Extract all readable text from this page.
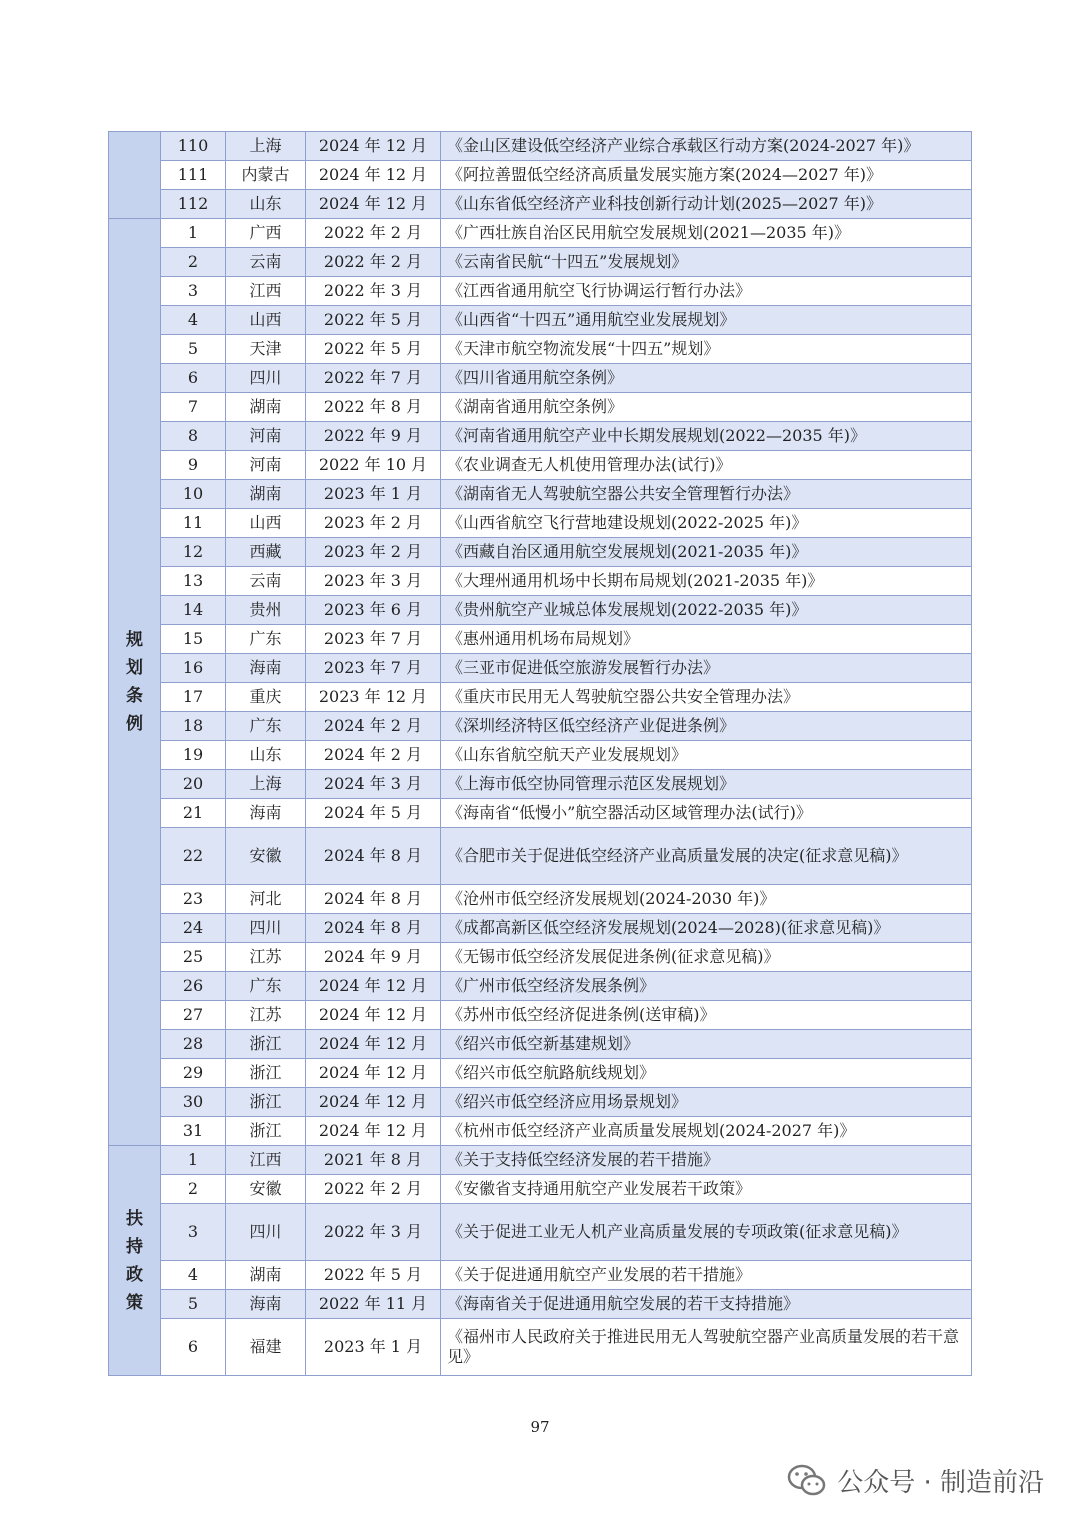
	110	上海	2024 年 12 月	《金山区建设低空经济产业综合承载区行动方案(2024-2027 年)》
	111	内蒙古	2024 年 12 月	《阿拉善盟低空经济高质量发展实施方案(2024—2027 年)》
	112	山东	2024 年 12 月	《山东省低空经济产业科技创新行动计划(2025—2027 年)》
规划条例	1	广西	2022 年 2 月	《广西壮族自治区民用航空发展规划(2021—2035 年)》
	2	云南	2022 年 2 月	《云南省民航“十四五”发展规划》
	3	江西	2022 年 3 月	《江西省通用航空飞行协调运行暂行办法》
	4	山西	2022 年 5 月	《山西省“十四五”通用航空业发展规划》
	5	天津	2022 年 5 月	《天津市航空物流发展“十四五”规划》
	6	四川	2022 年 7 月	《四川省通用航空条例》
	7	湖南	2022 年 8 月	《湖南省通用航空条例》
	8	河南	2022 年 9 月	《河南省通用航空产业中长期发展规划(2022—2035 年)》
	9	河南	2022 年 10 月	《农业调查无人机使用管理办法(试行)》
	10	湖南	2023 年 1 月	《湖南省无人驾驶航空器公共安全管理暂行办法》
	11	山西	2023 年 2 月	《山西省航空飞行营地建设规划(2022-2025 年)》
	12	西藏	2023 年 2 月	《西藏自治区通用航空发展规划(2021-2035 年)》
	13	云南	2023 年 3 月	《大理州通用机场中长期布局规划(2021-2035 年)》
	14	贵州	2023 年 6 月	《贵州航空产业城总体发展规划(2022-2035 年)》
	15	广东	2023 年 7 月	《惠州通用机场布局规划》
	16	海南	2023 年 7 月	《三亚市促进低空旅游发展暂行办法》
	17	重庆	2023 年 12 月	《重庆市民用无人驾驶航空器公共安全管理办法》
	18	广东	2024 年 2 月	《深圳经济特区低空经济产业促进条例》
	19	山东	2024 年 2 月	《山东省航空航天产业发展规划》
	20	上海	2024 年 3 月	《上海市低空协同管理示范区发展规划》
	21	海南	2024 年 5 月	《海南省“低慢小”航空器活动区域管理办法(试行)》
	22	安徽	2024 年 8 月	《合肥市关于促进低空经济产业高质量发展的决定(征求意见稿)》
	23	河北	2024 年 8 月	《沧州市低空经济发展规划(2024-2030 年)》
	24	四川	2024 年 8 月	《成都高新区低空经济发展规划(2024—2028)(征求意见稿)》
	25	江苏	2024 年 9 月	《无锡市低空经济发展促进条例(征求意见稿)》
	26	广东	2024 年 12 月	《广州市低空经济发展条例》
	27	江苏	2024 年 12 月	《苏州市低空经济促进条例(送审稿)》
	28	浙江	2024 年 12 月	《绍兴市低空新基建规划》
	29	浙江	2024 年 12 月	《绍兴市低空航路航线规划》
	30	浙江	2024 年 12 月	《绍兴市低空经济应用场景规划》
	31	浙江	2024 年 12 月	《杭州市低空经济产业高质量发展规划(2024-2027 年)》
扶持政策	1	江西	2021 年 8 月	《关于支持低空经济发展的若干措施》
	2	安徽	2022 年 2 月	《安徽省支持通用航空产业发展若干政策》
	3	四川	2022 年 3 月	《关于促进工业无人机产业高质量发展的专项政策(征求意见稿)》
	4	湖南	2022 年 5 月	《关于促进通用航空产业发展的若干措施》
	5	海南	2022 年 11 月	《海南省关于促进通用航空发展的若干支持措施》
	6	福建	2023 年 1 月	《福州市人民政府关于推进民用无人驾驶航空器产业高质量发展的若干意见》
97
公众号 · 制造前沿
